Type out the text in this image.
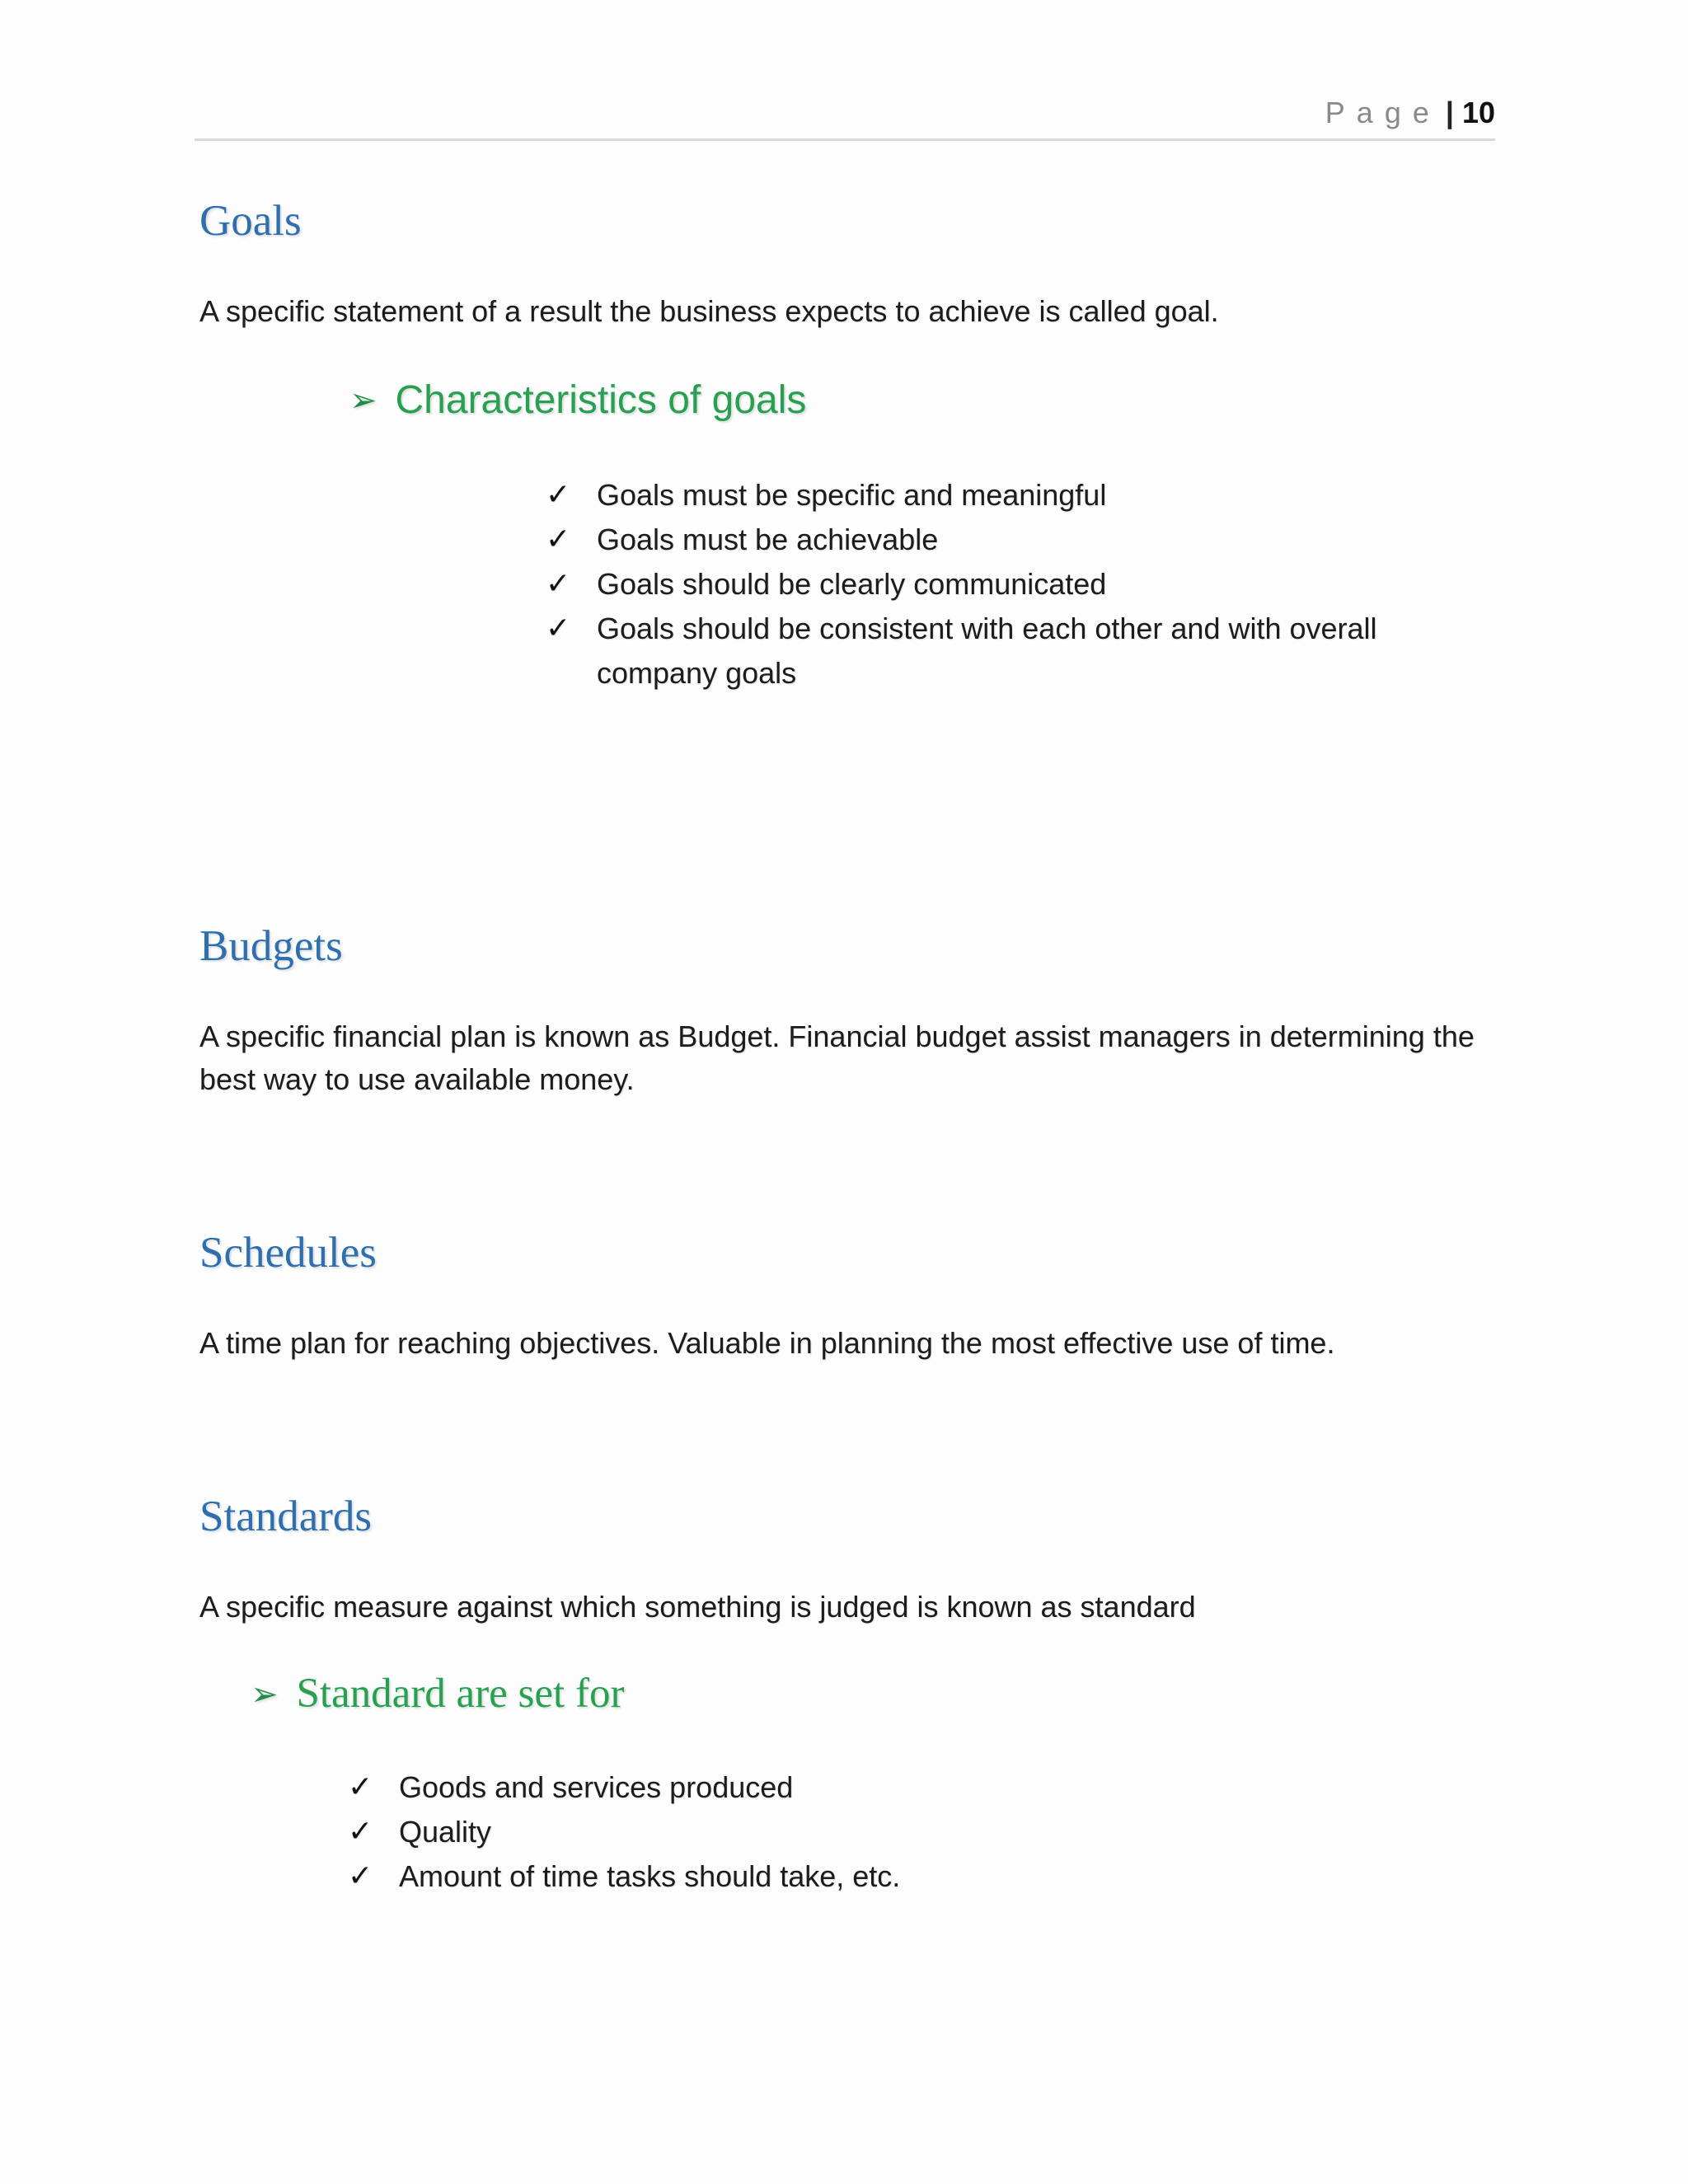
Page | 10
Goals

A specific statement of a result the business expects to achieve is called goal.

➢ Characteristics of goals
✓ Goals must be specific and meaningful
✓ Goals must be achievable
✓ Goals should be clearly communicated
✓ Goals should be consistent with each other and with overall company goals
Budgets

A specific financial plan is known as Budget. Financial budget assist managers in determining the best way to use available money.

Schedules

A time plan for reaching objectives. Valuable in planning the most effective use of time.

Standards

A specific measure against which something is judged is known as standard

➢ Standard are set for
✓ Goods and services produced
✓ Quality
✓ Amount of time tasks should take, etc.
